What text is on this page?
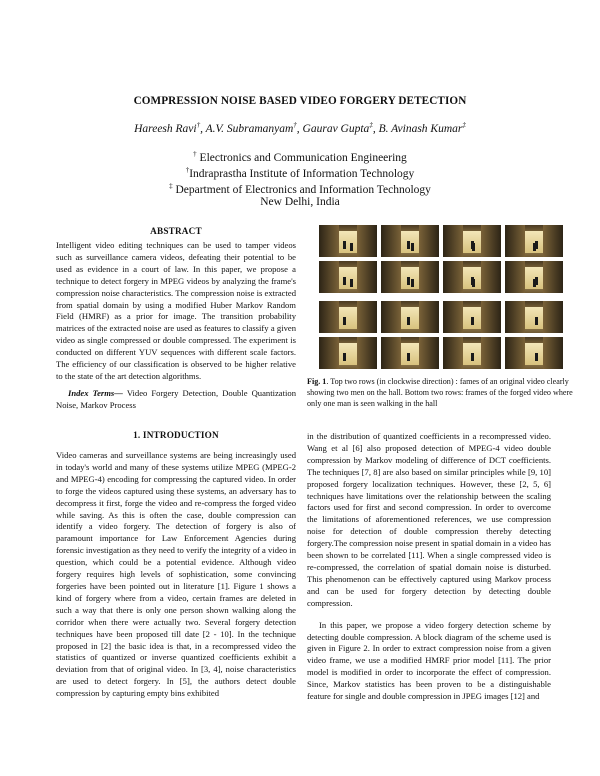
COMPRESSION NOISE BASED VIDEO FORGERY DETECTION
Hareesh Ravi†, A.V. Subramanyam†, Gaurav Gupta‡, B. Avinash Kumar‡
† Electronics and Communication Engineering
†Indraprastha Institute of Information Technology
‡ Department of Electronics and Information Technology
New Delhi, India
ABSTRACT

Intelligent video editing techniques can be used to tamper videos such as surveillance camera videos, defeating their potential to be used as evidence in a court of law. In this paper, we propose a technique to detect forgery in MPEG videos by analyzing the frame's compression noise characteristics. The compression noise is extracted from spatial domain by using a modified Huber Markov Random Field (HMRF) as a prior for image. The transition probability matrices of the extracted noise are used as features to classify a given video as single compressed or double compressed. The experiment is conducted on different YUV sequences with different scale factors. The efficiency of our classification is observed to be higher relative to the state of the art detection algorithms.

Index Terms— Video Forgery Detection, Double Quantization Noise, Markov Process

1. INTRODUCTION

Video cameras and surveillance systems are being increasingly used in today's world and many of these systems utilize MPEG (MPEG-2 and MPEG-4) encoding for compressing the captured video. In order to forge the videos captured using these systems, an adversary has to decompress it first, forge the video and re-compress the forged video while saving. As this is often the case, double compression can identify a video forgery. The detection of forgery is also of paramount importance for Law Enforcement Agencies during forensic investigation as they need to verify the integrity of a video in question, which could be a potential evidence. Although video forgery requires high levels of sophistication, some convincing forgeries have been pointed out in literature [1]. Figure 1 shows a kind of forgery where from a video, certain frames are deleted in such a way that there is only one person shown walking along the corridor when there were actually two. Several forgery detection techniques have been proposed till date [2 - 10]. In the technique proposed in [2] the basic idea is that, in a recompressed video the statistics of quantized or inverse quantized coefficients exhibit a deviation from that of original video. In [3, 4], noise characteristics are used to detect forgery. In [5], the authors detect double compression by capturing empty bins exhibited

Fig. 1. Top two rows (in clockwise direction) : fames of an original video clearly showing two men on the hall. Bottom two rows: frames of the forged video where only one man is seen walking in the hall

in the distribution of quantized coefficients in a recompressed video. Wang et al [6] also proposed detection of MPEG-4 video double compression by Markov modeling of difference of DCT coefficients. The techniques [7, 8] are also based on similar principles while [9, 10] proposed forgery localization techniques. However, these [2, 5, 6] techniques have limitations over the relationship between the scaling factors used for first and second compression. In order to overcome the limitations of aforementioned references, we use compression noise for detection of double compression thereby detecting forgery.The compression noise present in spatial domain in a video has been shown to be correlated [11]. When a single compressed video is re-compressed, the correlation of spatial domain noise is disturbed. This phenomenon can be effectively captured using Markov process and can be used for forgery detection by detecting double compression.

In this paper, we propose a video forgery detection scheme by detecting double compression. A block diagram of the scheme used is given in Figure 2. In order to extract compression noise from a given video frame, we use a modified HMRF prior model [11]. The prior model is modified in order to incorporate the effect of compression. Since, Markov statistics has been proven to be a distinguishable feature for single and double compression in JPEG images [12] and
